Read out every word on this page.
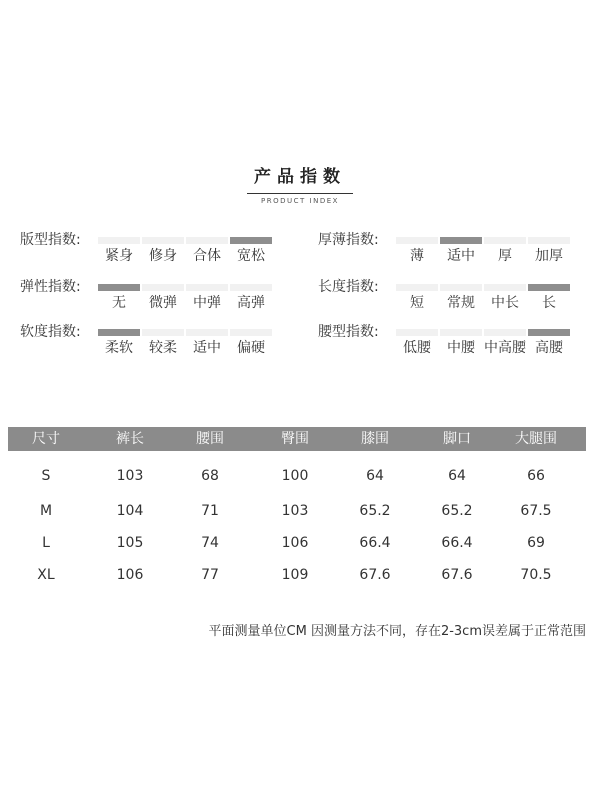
产品指数
PRODUCT INDEX
版型指数:
紧身	修身	合体	宽松
厚薄指数:
薄	适中	厚	加厚
弹性指数:
无	微弹	中弹	高弹
长度指数:
短	常规	中长	长
软度指数:
柔软	较柔	适中	偏硬
腰型指数:
低腰	中腰 中高腰 高腰
尺寸	裤长	腰围	臀围	膝围	脚口	大腿围
S	103	68	100	64	64	66
M	104	71	103	65.2	65.2	67.5
L	105	74	106	66.4	66.4	69
XL	106	77	109	67.6	67.6	70.5
平面测量单位CM 因测量方法不同，存在2-3cm误差属于正常范围
